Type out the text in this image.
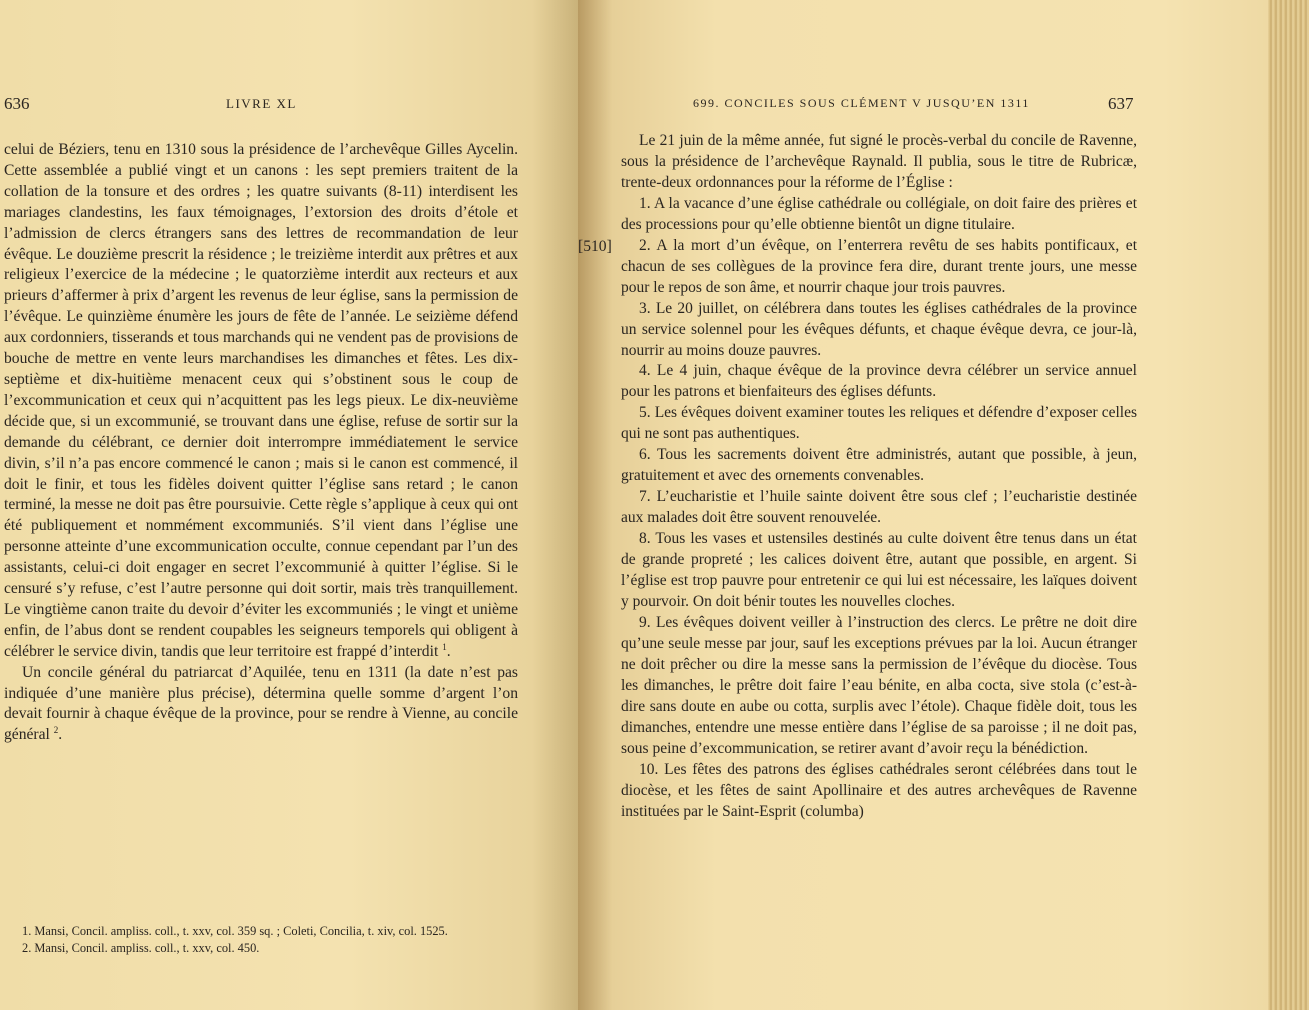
636	LIVRE XL

celui de Béziers, tenu en 1310 sous la présidence de l’archevêque Gilles Aycelin. Cette assemblée a publié vingt et un canons : les sept premiers traitent de la collation de la tonsure et des ordres ; les quatre suivants (8-11) interdisent les mariages clandestins, les faux témoignages, l’extorsion des droits d’étole et l’admission de clercs étrangers sans des lettres de recommandation de leur évêque. Le douzième prescrit la résidence ; le treizième interdit aux prêtres et aux religieux l’exercice de la médecine ; le quatorzième interdit aux recteurs et aux prieurs d’affermer à prix d’argent les revenus de leur église, sans la permission de l’évêque. Le quinzième énumère les jours de fête de l’année. Le seizième défend aux cordonniers, tisserands et tous marchands qui ne vendent pas de provisions de bouche de mettre en vente leurs marchandises les dimanches et fêtes. Les dix-septième et dix-huitième menacent ceux qui s’obstinent sous le coup de l’excommunication et ceux qui n’acquittent pas les legs pieux. Le dix-neuvième décide que, si un excommunié, se trouvant dans une église, refuse de sortir sur la demande du célébrant, ce dernier doit interrompre immédiatement le service divin, s’il n’a pas encore commencé le canon ; mais si le canon est commencé, il doit le finir, et tous les fidèles doivent quitter l’église sans retard ; le canon terminé, la messe ne doit pas être poursuivie. Cette règle s’applique à ceux qui ont été publiquement et nommément excommuniés. S’il vient dans l’église une personne atteinte d’une excommunication occulte, connue cependant par l’un des assistants, celui-ci doit engager en secret l’excommunié à quitter l’église. Si le censuré s’y refuse, c’est l’autre personne qui doit sortir, mais très tranquillement. Le vingtième canon traite du devoir d’éviter les excommuniés ; le vingt et unième enfin, de l’abus dont se rendent coupables les seigneurs temporels qui obligent à célébrer le service divin, tandis que leur territoire est frappé d’interdit $^1$.

Un concile général du patriarcat d’Aquilée, tenu en 1311 (la date n’est pas indiquée d’une manière plus précise), détermina quelle somme d’argent l’on devait fournir à chaque évêque de la province, pour se rendre à Vienne, au concile général $^2$.

1. Mansi, Concil. ampliss. coll., t. xxv, col. 359 sq. ; Coleti, Concilia, t. xiv, col. 1525.

2. Mansi, Concil. ampliss. coll., t. xxv, col. 450.

699. CONCILES SOUS CLÉMENT V JUSQU’EN 1311	637
[510]

Le 21 juin de la même année, fut signé le procès-verbal du concile de Ravenne, sous la présidence de l’archevêque Raynald. Il publia, sous le titre de Rubricæ, trente-deux ordonnances pour la réforme de l’Église :

1. A la vacance d’une église cathédrale ou collégiale, on doit faire des prières et des processions pour qu’elle obtienne bientôt un digne titulaire.

2. A la mort d’un évêque, on l’enterrera revêtu de ses habits pontificaux, et chacun de ses collègues de la province fera dire, durant trente jours, une messe pour le repos de son âme, et nourrir chaque jour trois pauvres.

3. Le 20 juillet, on célébrera dans toutes les églises cathédrales de la province un service solennel pour les évêques défunts, et chaque évêque devra, ce jour-là, nourrir au moins douze pauvres.

4. Le 4 juin, chaque évêque de la province devra célébrer un service annuel pour les patrons et bienfaiteurs des églises défunts.

5. Les évêques doivent examiner toutes les reliques et défendre d’exposer celles qui ne sont pas authentiques.

6. Tous les sacrements doivent être administrés, autant que possible, à jeun, gratuitement et avec des ornements convenables.

7. L’eucharistie et l’huile sainte doivent être sous clef ; l’eucharistie destinée aux malades doit être souvent renouvelée.

8. Tous les vases et ustensiles destinés au culte doivent être tenus dans un état de grande propreté ; les calices doivent être, autant que possible, en argent. Si l’église est trop pauvre pour entretenir ce qui lui est nécessaire, les laïques doivent y pourvoir. On doit bénir toutes les nouvelles cloches.

9. Les évêques doivent veiller à l’instruction des clercs. Le prêtre ne doit dire qu’une seule messe par jour, sauf les exceptions prévues par la loi. Aucun étranger ne doit prêcher ou dire la messe sans la permission de l’évêque du diocèse. Tous les dimanches, le prêtre doit faire l’eau bénite, en alba cocta, sive stola (c’est-à-dire sans doute en aube ou cotta, surplis avec l’étole). Chaque fidèle doit, tous les dimanches, entendre une messe entière dans l’église de sa paroisse ; il ne doit pas, sous peine d’excommunication, se retirer avant d’avoir reçu la bénédiction.

10. Les fêtes des patrons des églises cathédrales seront célébrées dans tout le diocèse, et les fêtes de saint Apollinaire et des autres archevêques de Ravenne instituées par le Saint-Esprit (columba)
